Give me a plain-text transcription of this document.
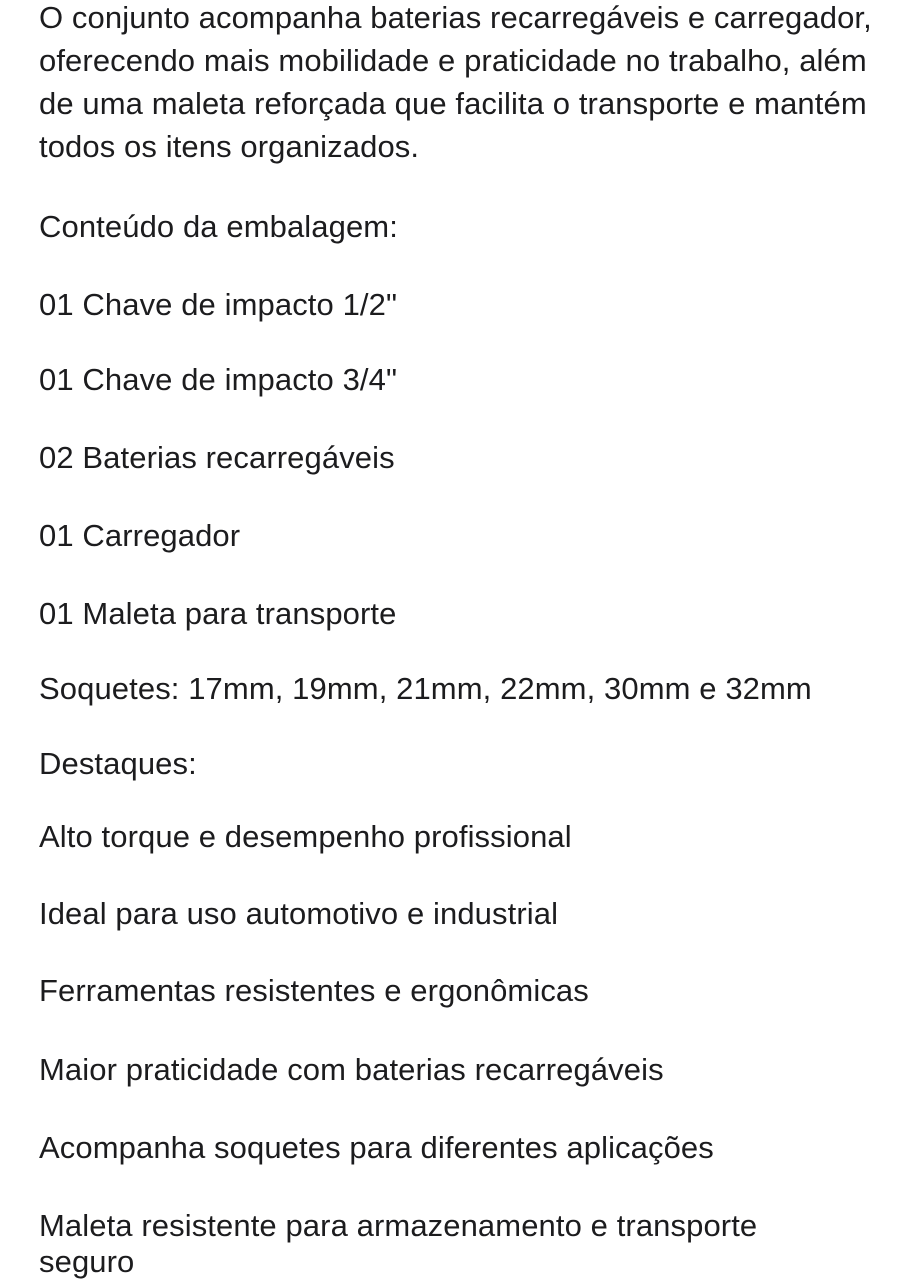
O conjunto acompanha baterias recarregáveis e carregador, oferecendo mais mobilidade e praticidade no trabalho, além de uma maleta reforçada que facilita o transporte e mantém todos os itens organizados.

Conteúdo da embalagem:

01 Chave de impacto 1/2"

01 Chave de impacto 3/4"

02 Baterias recarregáveis

01 Carregador

01 Maleta para transporte

Soquetes: 17mm, 19mm, 21mm, 22mm, 30mm e 32mm

Destaques:

Alto torque e desempenho profissional

Ideal para uso automotivo e industrial

Ferramentas resistentes e ergonômicas

Maior praticidade com baterias recarregáveis

Acompanha soquetes para diferentes aplicações

Maleta resistente para armazenamento e transporte seguro
